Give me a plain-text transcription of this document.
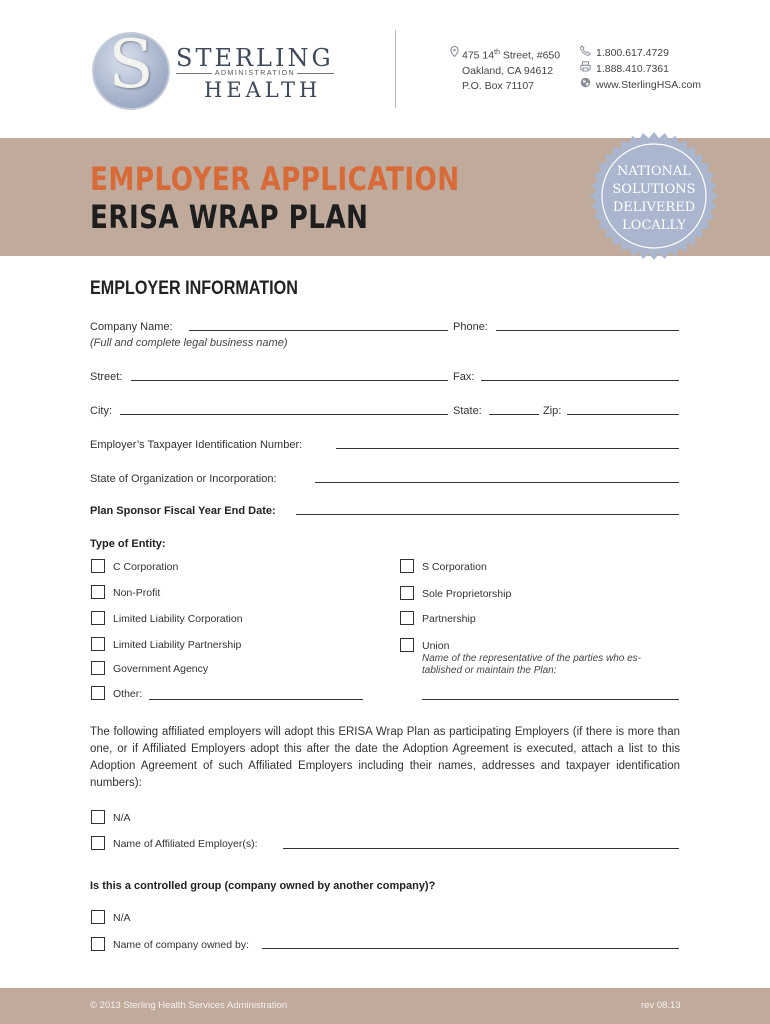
S STERLING
ADMINISTRATION
HEALTH
475 14th Street, #650
Oakland, CA 94612
P.O. Box 71107
1.800.617.4729
1.888.410.7361
www.SterlingHSA.com
EMPLOYER APPLICATION
ERISA WRAP PLAN
NATIONAL
SOLUTIONS
DELIVERED
LOCALLY
EMPLOYER INFORMATION
Company Name:
(Full and complete legal business name)
Phone:
Street:	Fax:
City:	State:	Zip:
Employer’s Taxpayer Identification Number:
State of Organization or Incorporation:
Plan Sponsor Fiscal Year End Date:
Type of Entity:
C Corporation
Non-Profit
Limited Liability Corporation
Limited Liability Partnership
Government Agency
Other:
S Corporation
Sole Proprietorship
Partnership
Union
Name of the representative of the parties who es-
tablished or maintain the Plan:
The following affiliated employers will adopt this ERISA Wrap Plan as participating Employers (if there is more than one, or if Affiliated Employers adopt this after the date the Adoption Agreement is executed, attach a list to this Adoption Agreement of such Affiliated Employers including their names, addresses and taxpayer identification numbers):
N/A
Name of Affiliated Employer(s):
Is this a controlled group (company owned by another company)?
N/A
Name of company owned by:
© 2013 Sterling Health Services Administration	rev 08.13
